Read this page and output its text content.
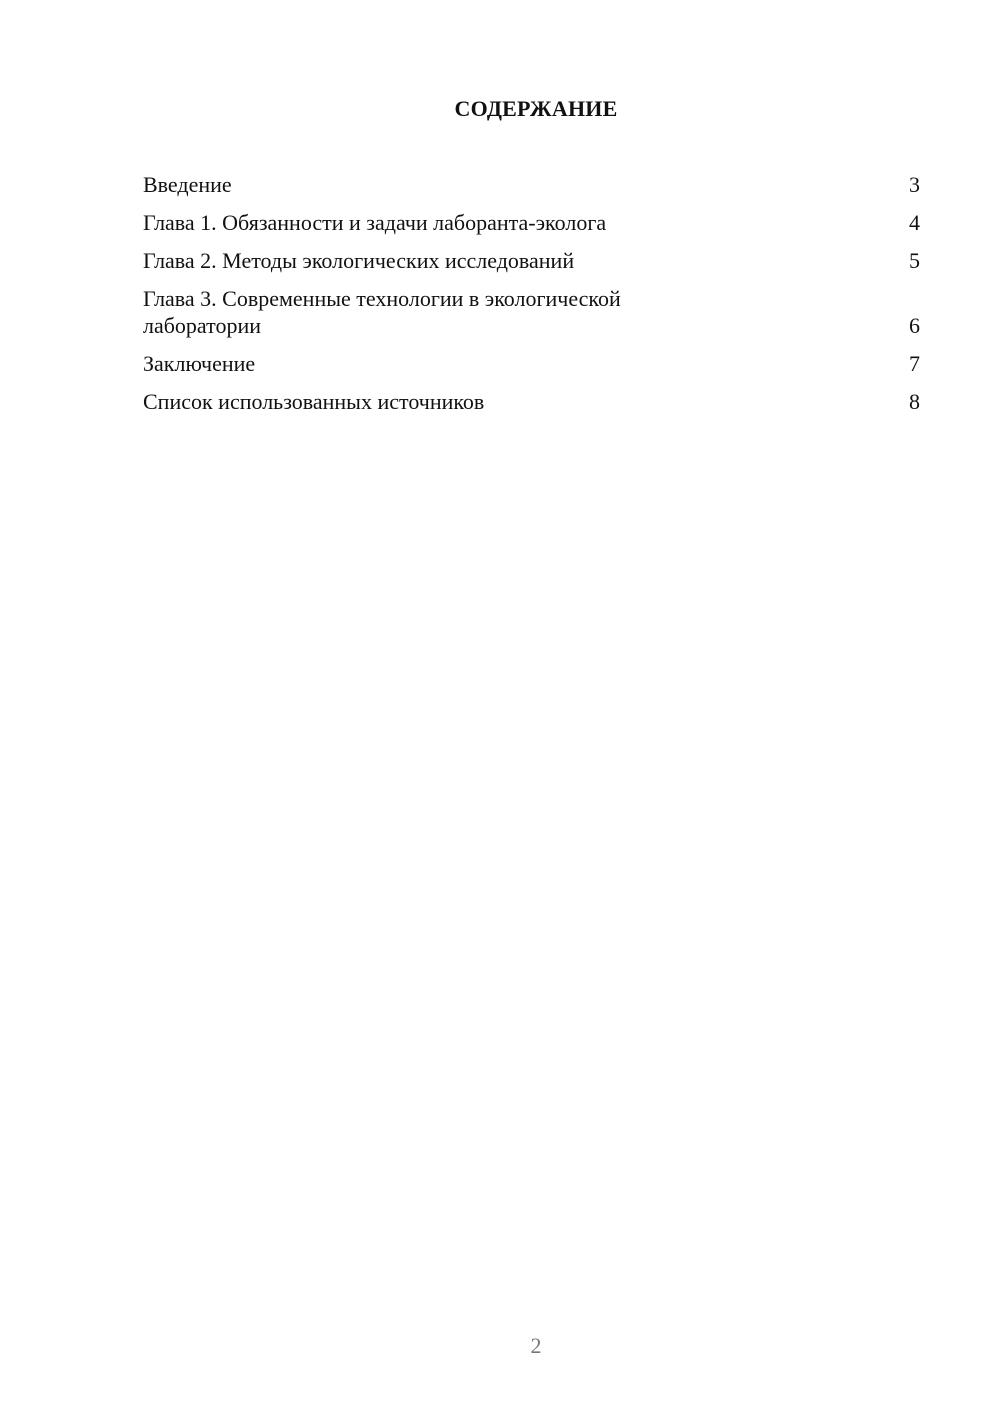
СОДЕРЖАНИЕ
Введение	3
Глава 1. Обязанности и задачи лаборанта-эколога	4
Глава 2. Методы экологических исследований	5
Глава 3. Современные технологии в экологической лаборатории	6
Заключение	7
Список использованных источников	8
2
